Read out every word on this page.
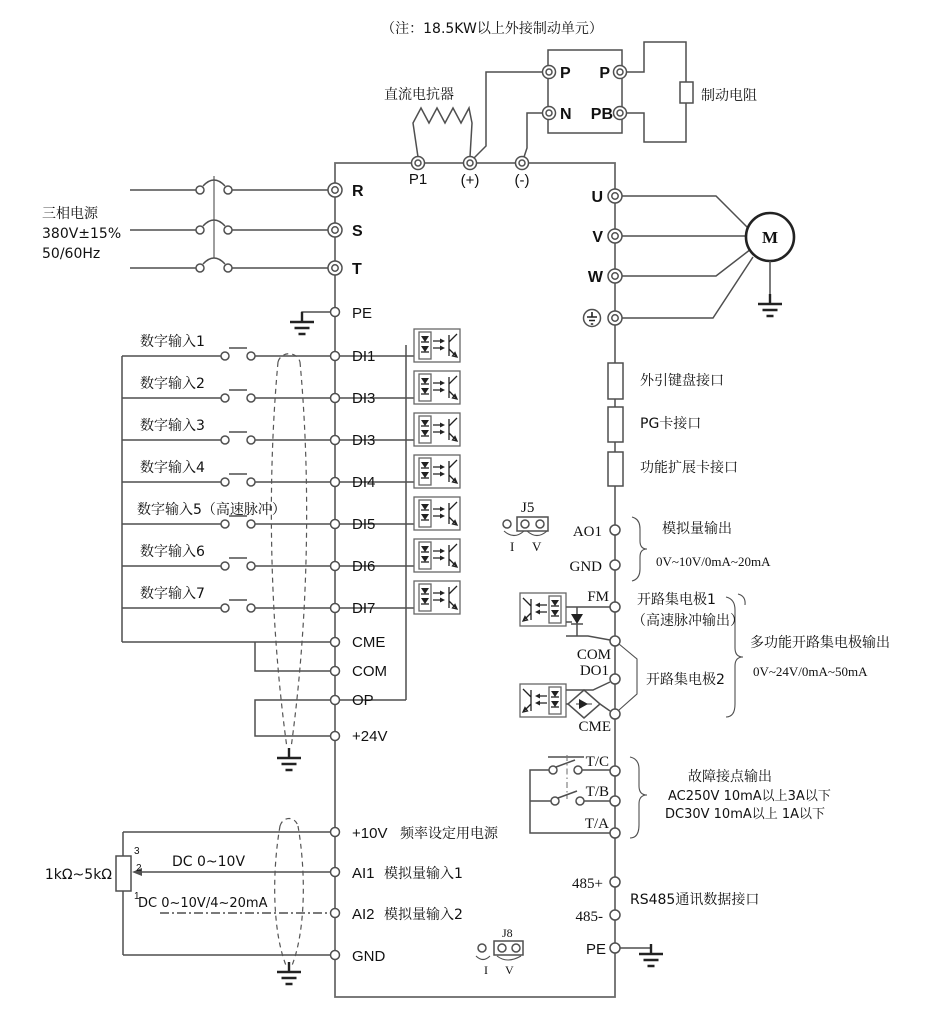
（注：18.5KW以上外接制动单元）
直流电抗器	制动电阻
P
N
P
PB
P1 (+) (-)
三相电源
380V±15%
50/60Hz
R
S
T
PE
U
V
W
M
数字输入1
DI1
数字输入2
DI3
数字输入3
DI3
数字输入4
DI4
数字输入5（高速脉冲）
DI5
数字输入6
DI6
数字输入7
DI7
CME
COM
OP
+24V
+10V 频率设定用电源
1kΩ~5kΩ
3
2
1
DC 0~10V
DC 0~10V/4~20mA
AI1 模拟量输入1
AI2 模拟量输入2
GND
外引键盘接口
PG卡接口
功能扩展卡接口
J5
I V
AO1
GND
模拟量输出
0V~10V/0mA~20mA
FM 开路集电极1
（高速脉冲输出）
COM
DO1
开路集电极2
CME
多功能开路集电极输出
0V~24V/0mA~50mA
T/C
T/B
T/A
故障接点输出
AC250V 10mA以上3A以下
DC30V 10mA以上 1A以下
485+
485-
RS485通讯数据接口
PE
J8
I V
